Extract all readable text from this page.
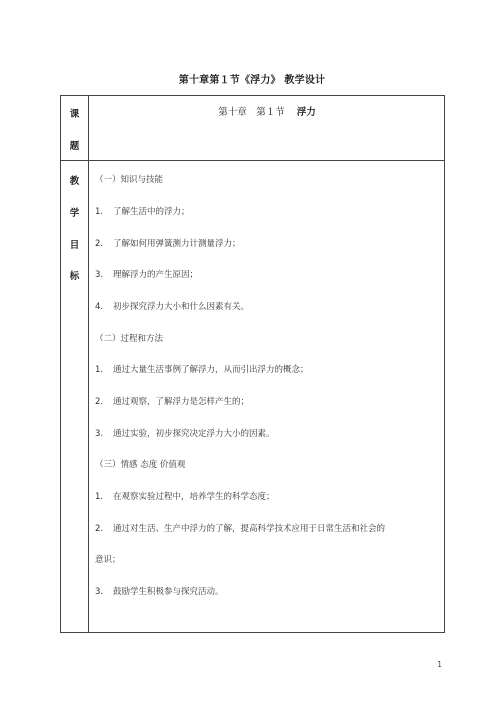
第十章第１节《浮力》 教学设计
课
题
第十章　第１节 浮力
教
学
目
标
（一）知识与技能
1. 了解生活中的浮力；
2. 了解如何用弹簧测力计测量浮力；
3. 理解浮力的产生原因；
4. 初步探究浮力大小和什么因素有关。
（二）过程和方法
1. 通过大量生活事例了解浮力，从而引出浮力的概念；
2. 通过观察，了解浮力是怎样产生的；
3. 通过实验，初步探究决定浮力大小的因素。
（三）情感 态度 价值观
1. 在观察实验过程中，培养学生的科学态度；
2. 通过对生活、生产中浮力的了解，提高科学技术应用于日常生活和社会的
意识；
3. 鼓励学生积极参与探究活动。
1
